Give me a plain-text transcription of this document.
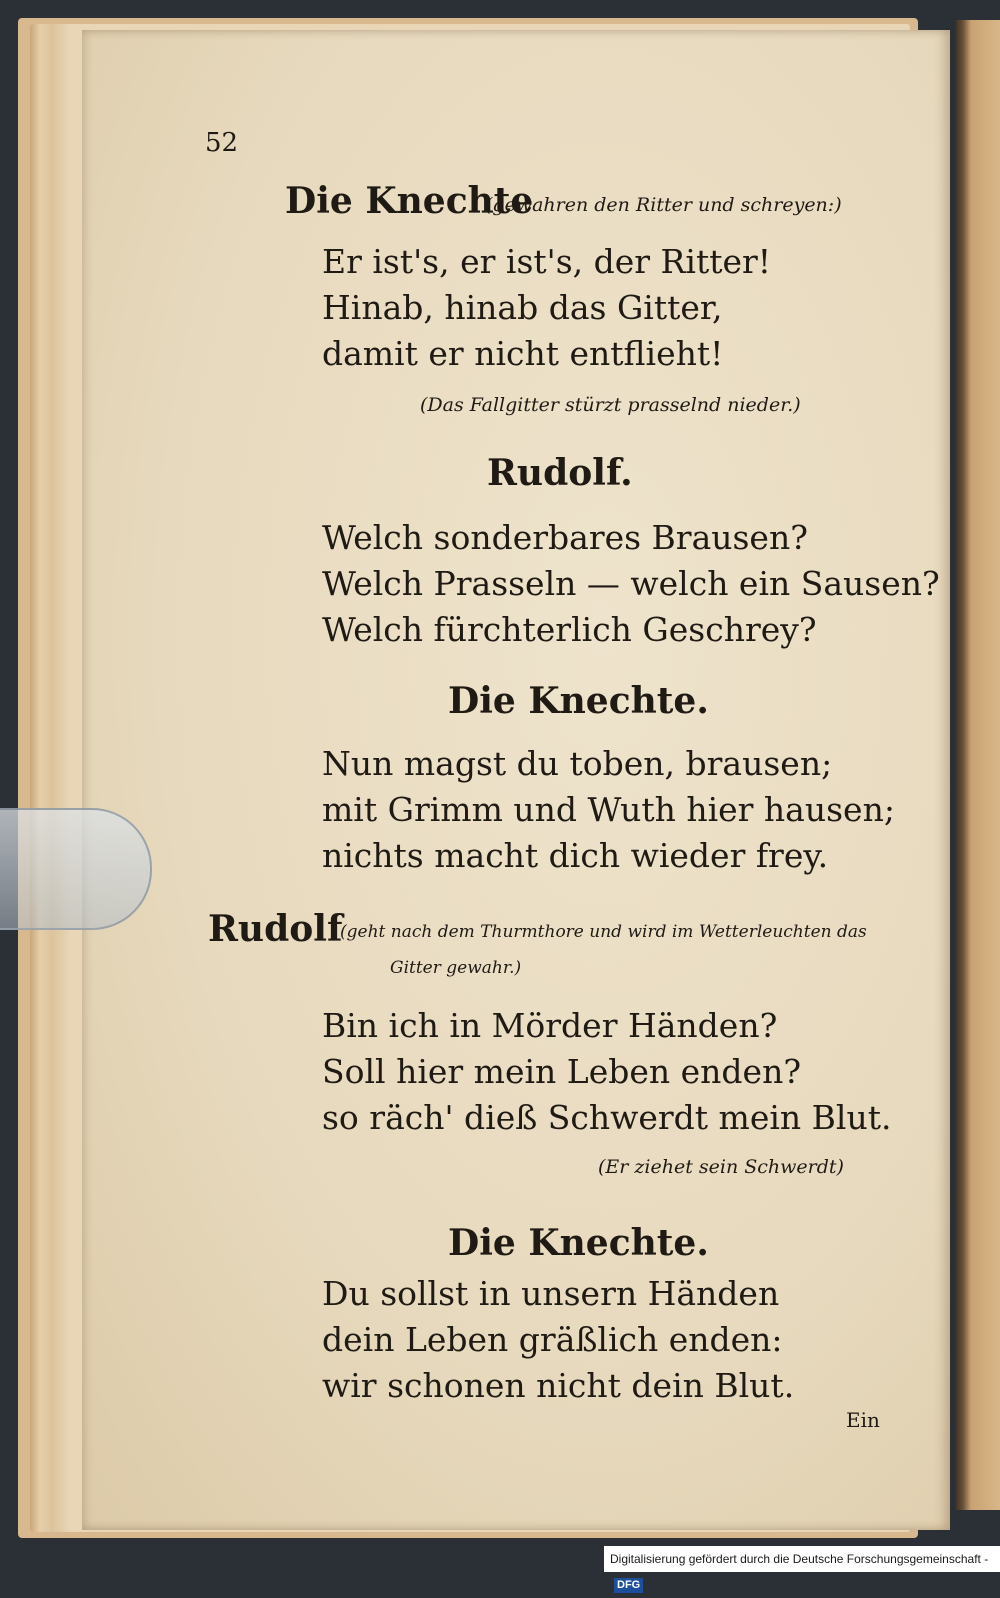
52
Die Knechte
(gewahren den Ritter und schreyen:)
Er ist's, er ist's, der Ritter!
Hinab, hinab das Gitter,
damit er nicht entflieht!
(Das Fallgitter stürzt prasselnd nieder.)
Rudolf.
Welch sonderbares Brausen?
Welch Prasseln — welch ein Sausen?
Welch fürchterlich Geschrey?
Die Knechte.
Nun magst du toben, brausen;
mit Grimm und Wuth hier hausen;
nichts macht dich wieder frey.
Rudolf
(geht nach dem Thurmthore und wird im Wetterleuchten das
Gitter gewahr.)
Bin ich in Mörder Händen?
Soll hier mein Leben enden?
so räch' dieß Schwerdt mein Blut.
(Er ziehet sein Schwerdt)
Die Knechte.
Du sollst in unsern Händen
dein Leben gräßlich enden:
wir schonen nicht dein Blut.
Ein
Digitalisierung gefördert durch die Deutsche Forschungsgemeinschaft - DFG
